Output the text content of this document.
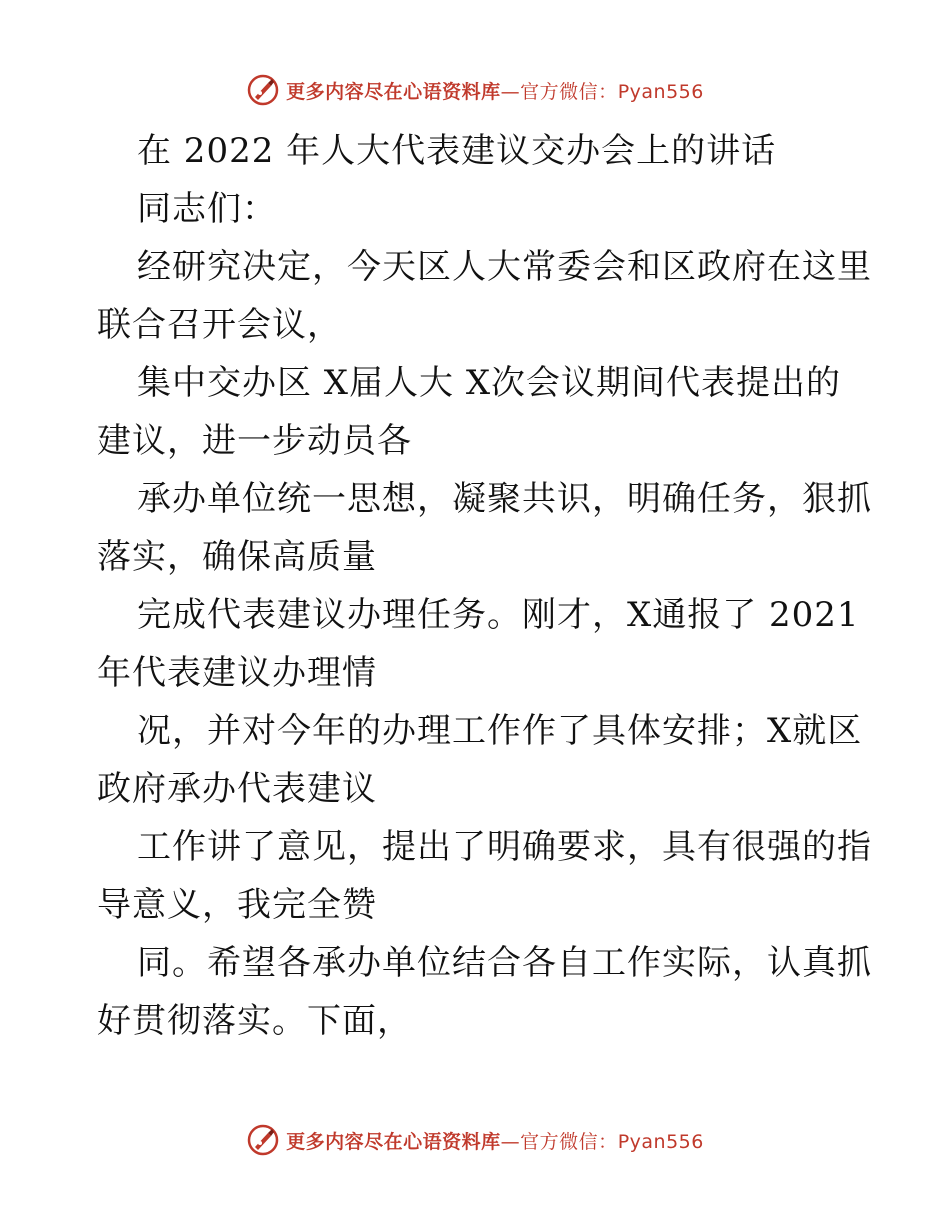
更多内容尽在心语资料库—官方微信：Pyan556
在 2022 年人大代表建议交办会上的讲话
同志们：
经研究决定，今天区人大常委会和区政府在这里
联合召开会议，
集中交办区 X届人大 X次会议期间代表提出的
建议，进一步动员各
承办单位统一思想，凝聚共识，明确任务，狠抓
落实，确保高质量
完成代表建议办理任务。刚才，X通报了 2021
年代表建议办理情
况，并对今年的办理工作作了具体安排；X就区
政府承办代表建议
工作讲了意见，提出了明确要求，具有很强的指
导意义，我完全赞
同。希望各承办单位结合各自工作实际，认真抓
好贯彻落实。下面，
更多内容尽在心语资料库—官方微信：Pyan556
